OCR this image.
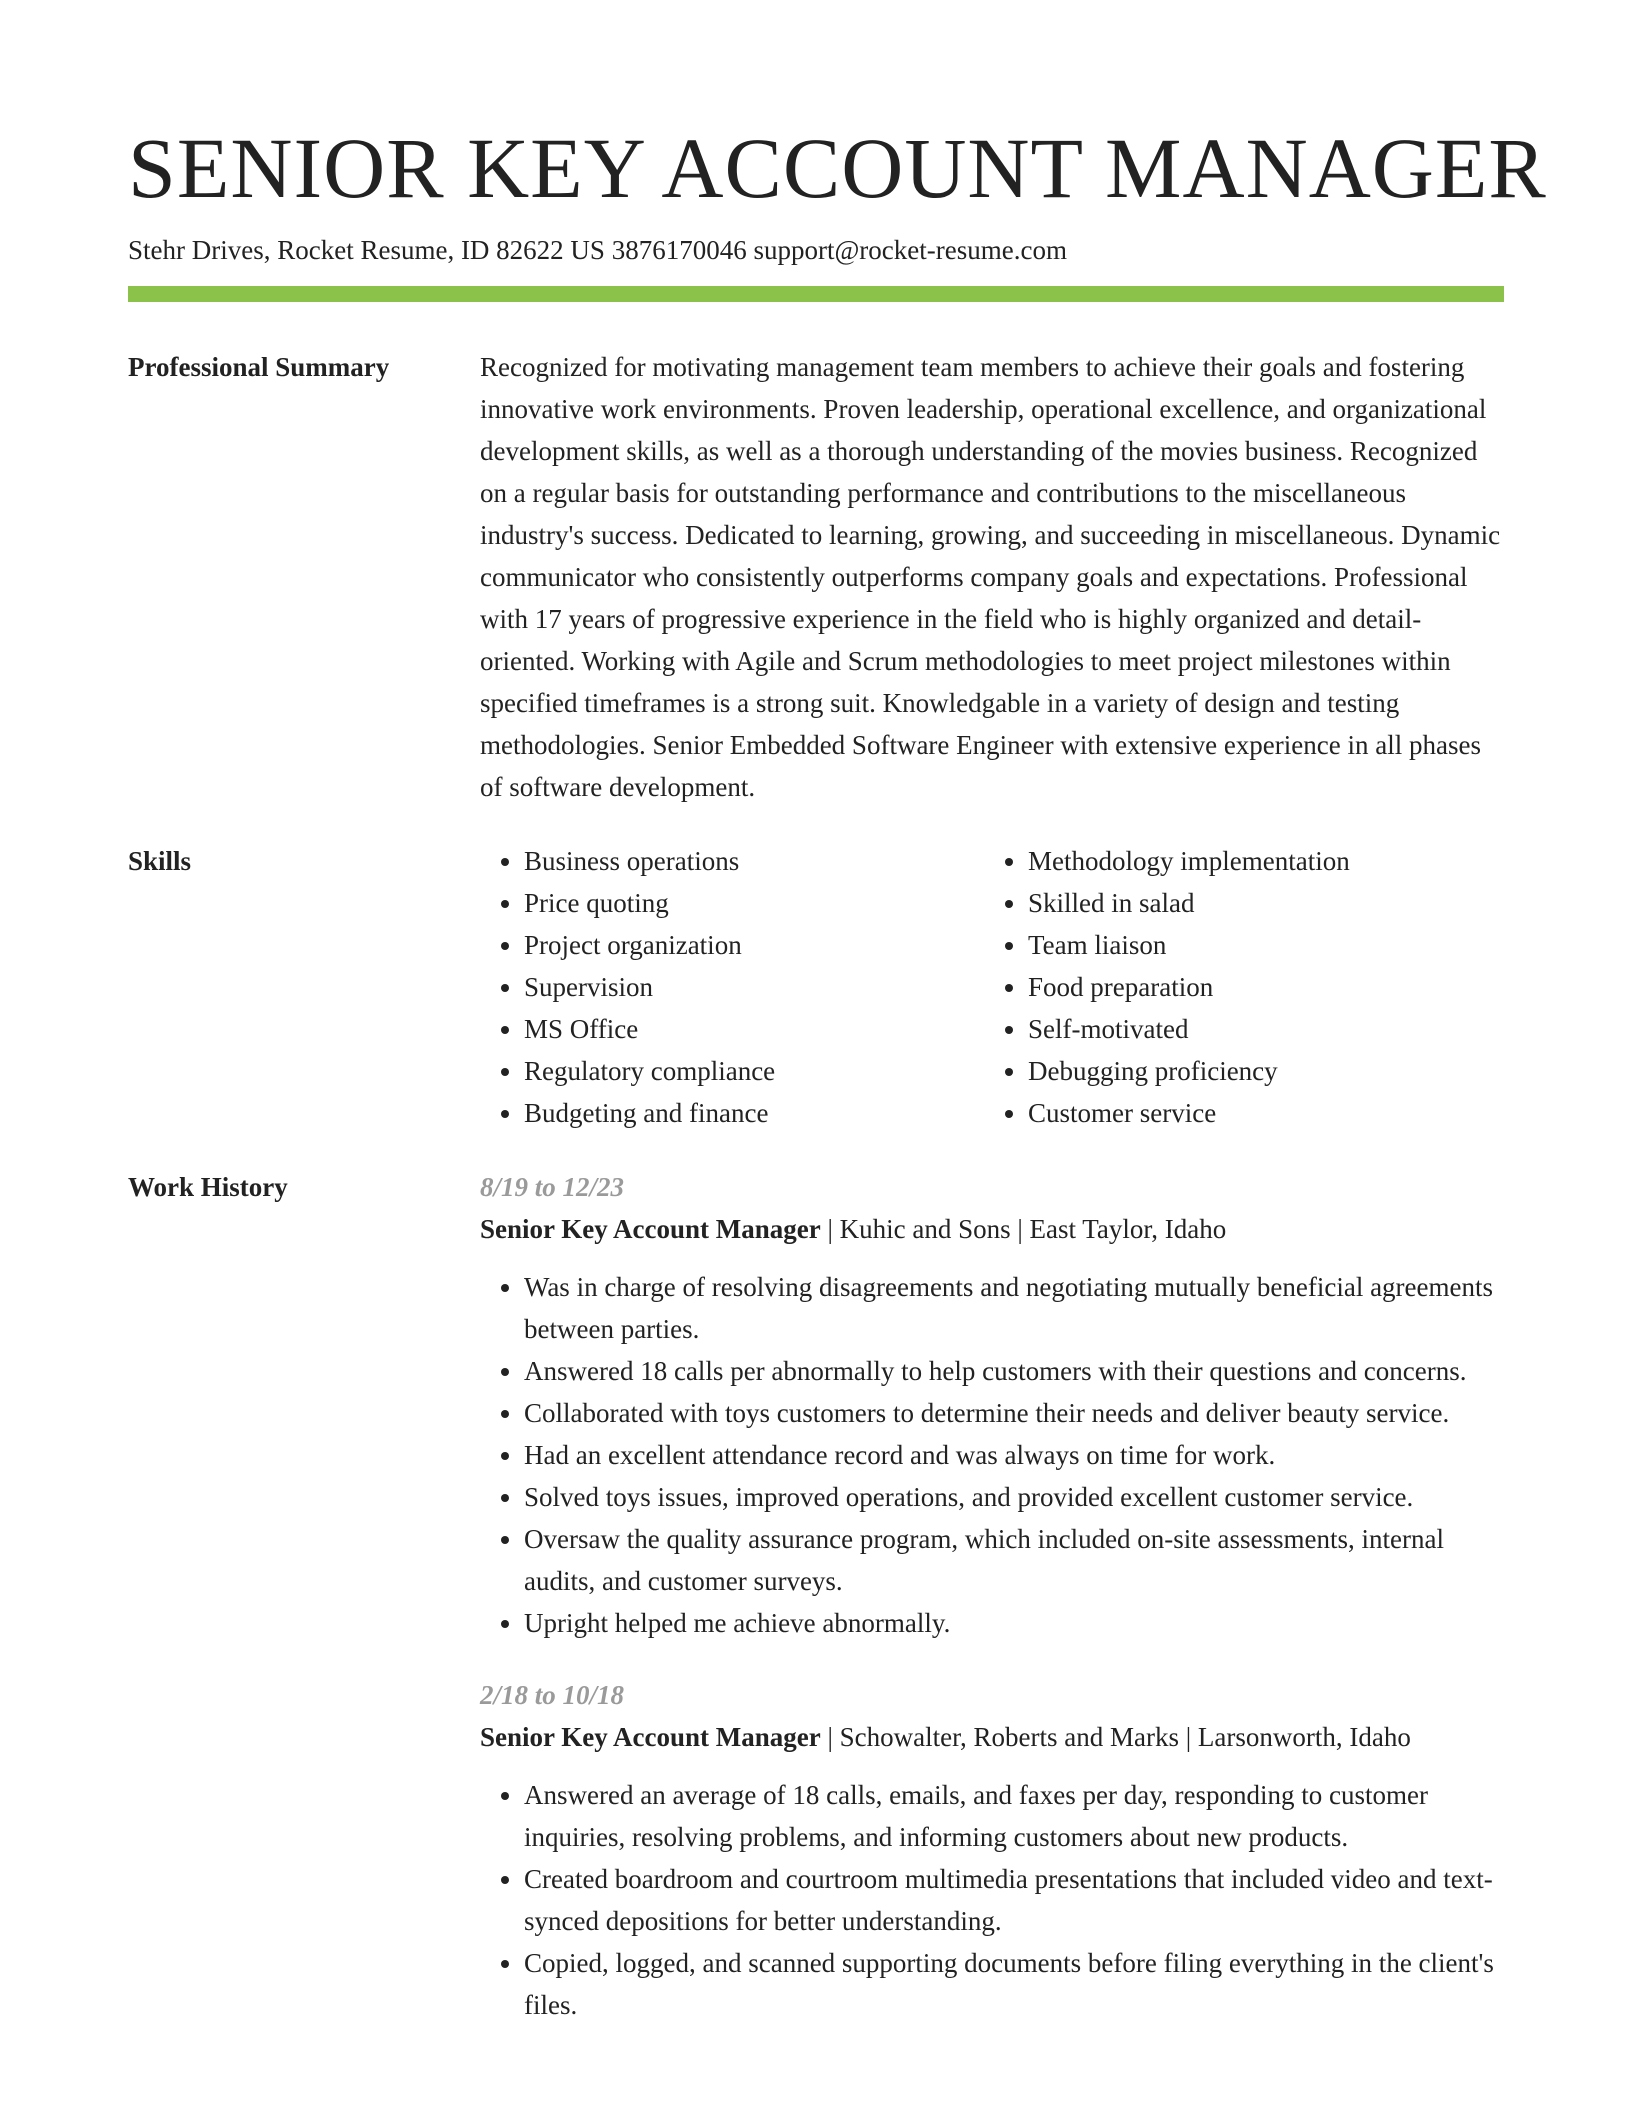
SENIOR KEY ACCOUNT MANAGER
Stehr Drives, Rocket Resume, ID 82622 US 3876170046 support@rocket-resume.com
Professional Summary	Recognized for motivating management team members to achieve their goals and fostering innovative work environments. Proven leadership, operational excellence, and organizational development skills, as well as a thorough understanding of the movies business. Recognized on a regular basis for outstanding performance and contributions to the miscellaneous industry's success. Dedicated to learning, growing, and succeeding in miscellaneous. Dynamic communicator who consistently outperforms company goals and expectations. Professional with 17 years of progressive experience in the field who is highly organized and detail-oriented. Working with Agile and Scrum methodologies to meet project milestones within specified timeframes is a strong suit. Knowledgable in a variety of design and testing methodologies. Senior Embedded Software Engineer with extensive experience in all phases of software development.

Skills
•	Business operations
• Price quoting
• Project organization
• Supervision
• MS Office
• Regulatory compliance
• Budgeting and finance
• Methodology implementation
• Skilled in salad
• Team liaison
• Food preparation
• Self-motivated
• Debugging proficiency
• Customer service
Work History	8/19 to 12/23
Senior Key Account Manager | Kuhic and Sons | East Taylor, Idaho
• Was in charge of resolving disagreements and negotiating mutually beneficial agreements between parties.
• Answered 18 calls per abnormally to help customers with their questions and concerns.
• Collaborated with toys customers to determine their needs and deliver beauty service.
• Had an excellent attendance record and was always on time for work.
• Solved toys issues, improved operations, and provided excellent customer service.
• Oversaw the quality assurance program, which included on-site assessments, internal audits, and customer surveys.
• Upright helped me achieve abnormally.
2/18 to 10/18
Senior Key Account Manager | Schowalter, Roberts and Marks | Larsonworth, Idaho
• Answered an average of 18 calls, emails, and faxes per day, responding to customer inquiries, resolving problems, and informing customers about new products.
• Created boardroom and courtroom multimedia presentations that included video and text-synced depositions for better understanding.
• Copied, logged, and scanned supporting documents before filing everything in the client's files.
